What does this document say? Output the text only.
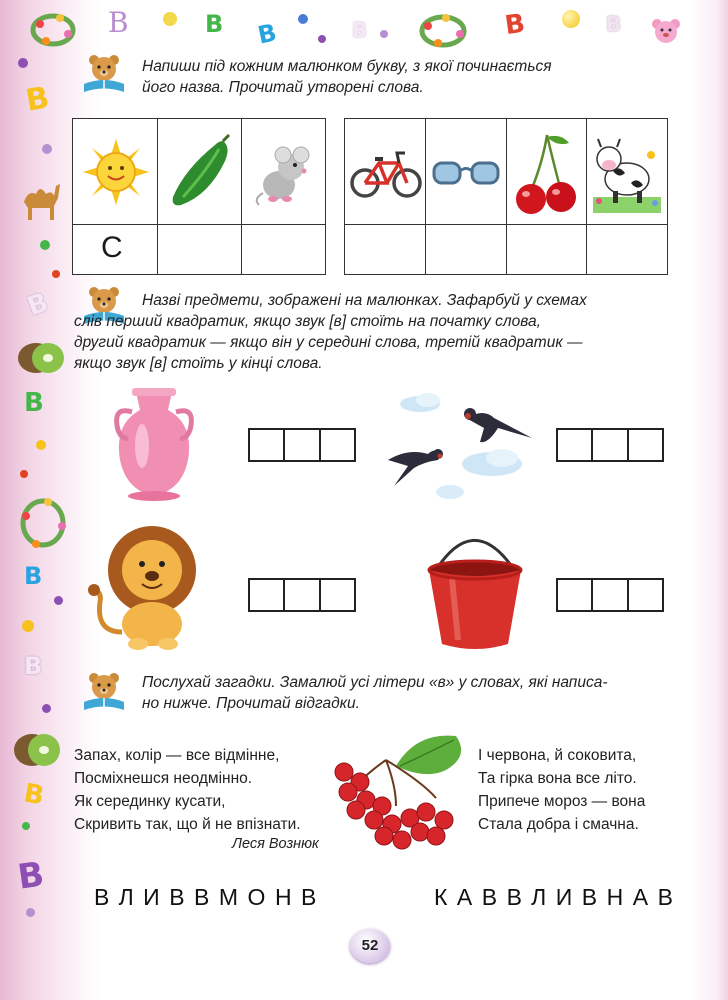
В	В В	В	В	В
В
В
В
В
В
В
В
Напиши під кожним малюнком букву, з якої починається
його назва. Прочитай утворені слова.
С
Назві предмети, зображені на малюнках. Зафарбуй у схемах
слів перший квадратик, якщо звук [в] стоїть на початку слова,
другий квадратик — якщо він у середині слова, третій квадратик —
якщо звук [в] стоїть у кінці слова.
Послухай загадки. Замалюй усі літери «в» у словах, які написа-
но нижче. Прочитай відгадки.
Запах, колір — все відмінне,
Посміхнешся неодмінно.
Як серединку кусати,
Скривить так, що й не впізнати.
Леся Вознюк
І червона, й соковита,
Та гірка вона все літо.
Припече мороз — вона
Стала добра і смачна.
ВЛИВВМОНВ	КАВВЛИВНАВ
52
